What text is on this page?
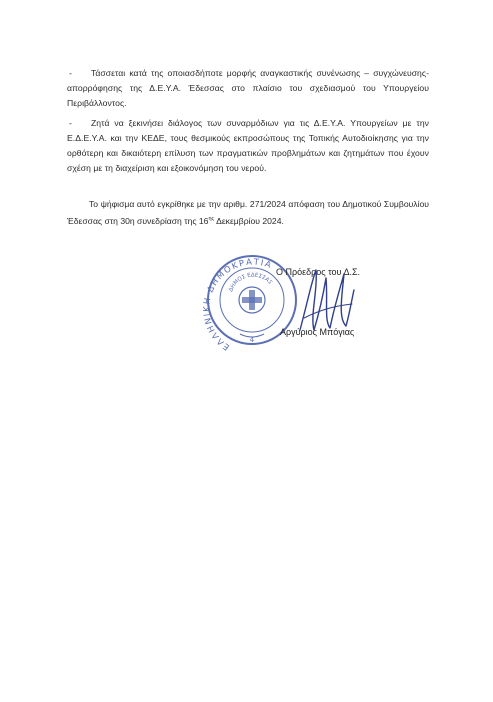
- Τάσσεται κατά της οποιασδήποτε μορφής αναγκαστικής συνένωσης – συγχώνευσης-απορρόφησης της Δ.Ε.Υ.Α. Έδεσσας στο πλαίσιο του σχεδιασμού του Υπουργείου Περιβάλλοντος.

- Ζητά να ξεκινήσει διάλογος των συναρμόδιων για τις Δ.Ε.Υ.Α. Υπουργείων με την Ε.Δ.Ε.Υ.Α. και την ΚΕΔΕ, τους θεσμικούς εκπροσώπους της Τοπικής Αυτοδιοίκησης για την ορθότερη και δικαιότερη επίλυση των πραγματικών προβλημάτων και ζητημάτων που έχουν σχέση με τη διαχείριση και εξοικονόμηση του νερού.

Το ψήφισμα αυτό εγκρίθηκε με την αριθμ. 271/2024 απόφαση του Δημοτικού Συμβουλίου Έδεσσας στη 30η συνεδρίαση της $16^{\eta\varsigma}$ Δεκεμβρίου 2024.

4
ΕΛΛΗΝΙΚΗ ΔΗΜΟΚΡΑΤΙΑ
ΔΗΜΟΣ ΕΔΕΣΣΑΣ
Ο Πρόεδρος του Δ.Σ.
Αργύριος Μπόγιας
